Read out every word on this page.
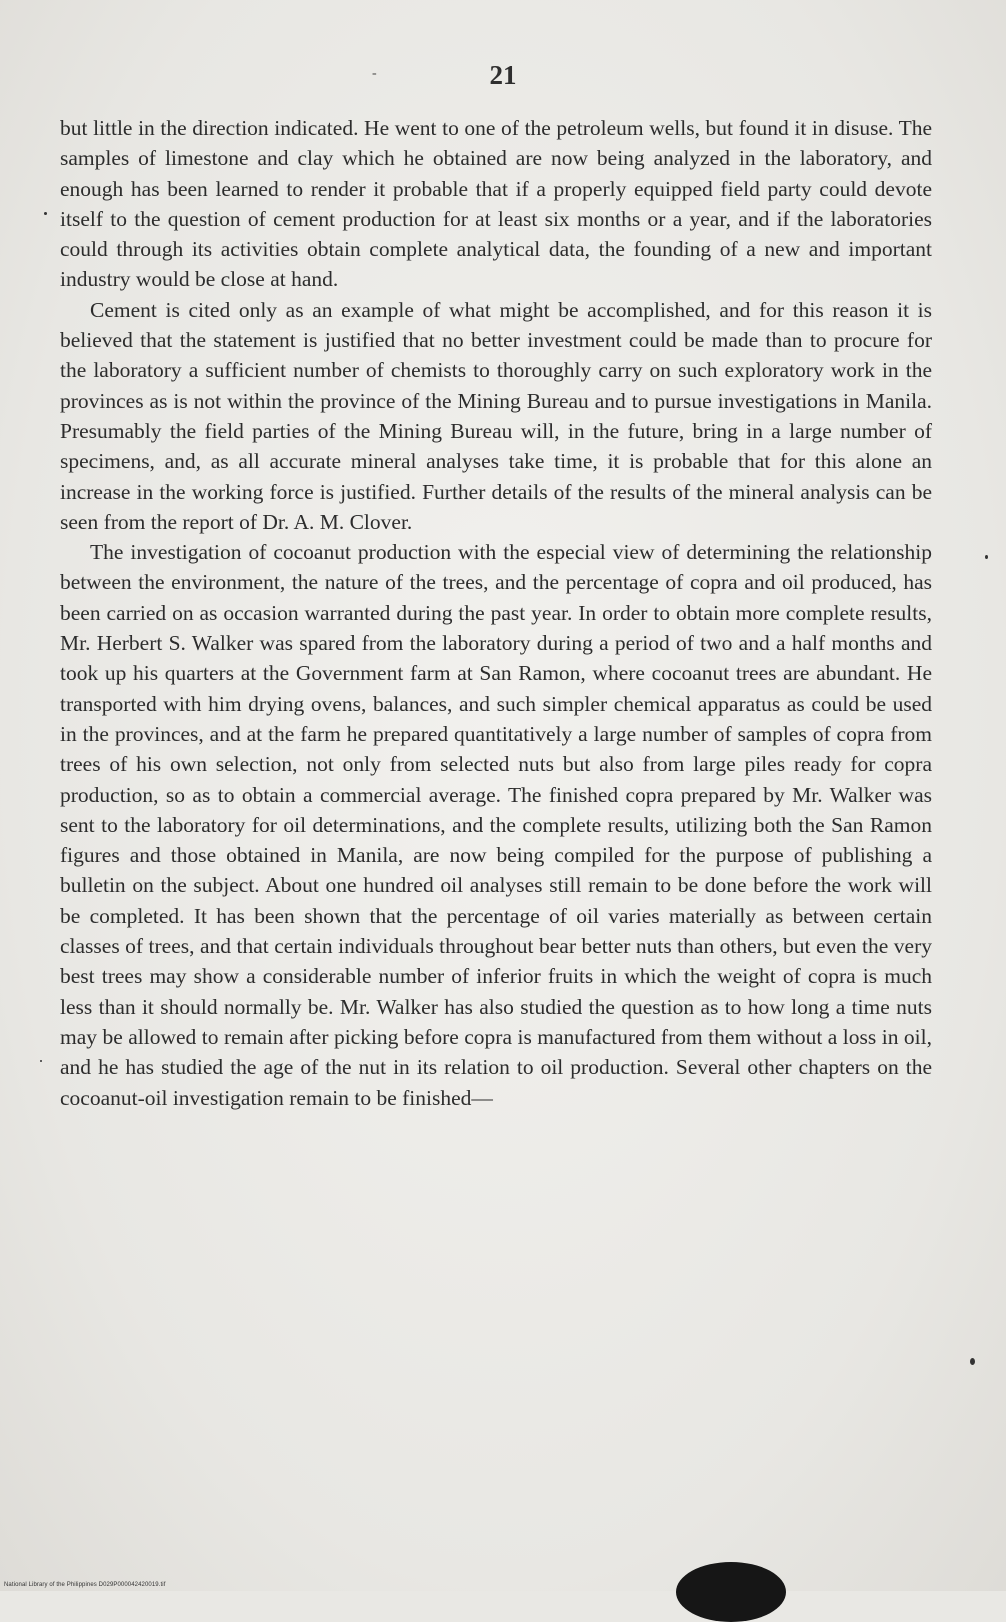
-	21

but little in the direction indicated. He went to one of the petroleum wells, but found it in disuse. The samples of limestone and clay which he obtained are now being analyzed in the laboratory, and enough has been learned to render it probable that if a properly equipped field party could devote itself to the question of cement production for at least six months or a year, and if the laboratories could through its activities obtain complete analytical data, the founding of a new and important industry would be close at hand.

Cement is cited only as an example of what might be accomplished, and for this reason it is believed that the statement is justified that no better investment could be made than to procure for the laboratory a sufficient number of chemists to thoroughly carry on such exploratory work in the provinces as is not within the province of the Mining Bureau and to pursue investigations in Manila. Presumably the field parties of the Mining Bureau will, in the future, bring in a large number of specimens, and, as all accurate mineral analyses take time, it is probable that for this alone an increase in the working force is justified. Further details of the results of the mineral analysis can be seen from the report of Dr. A. M. Clover.

The investigation of cocoanut production with the especial view of determining the relationship between the environment, the nature of the trees, and the percentage of copra and oil produced, has been carried on as occasion warranted during the past year. In order to obtain more complete results, Mr. Herbert S. Walker was spared from the laboratory during a period of two and a half months and took up his quarters at the Government farm at San Ramon, where cocoanut trees are abundant. He transported with him drying ovens, balances, and such simpler chemical apparatus as could be used in the provinces, and at the farm he prepared quantitatively a large number of samples of copra from trees of his own selection, not only from selected nuts but also from large piles ready for copra production, so as to obtain a commercial average. The finished copra prepared by Mr. Walker was sent to the laboratory for oil determinations, and the complete results, utilizing both the San Ramon figures and those obtained in Manila, are now being compiled for the purpose of publishing a bulletin on the subject. About one hundred oil analyses still remain to be done before the work will be completed. It has been shown that the percentage of oil varies materially as between certain classes of trees, and that certain individuals throughout bear better nuts than others, but even the very best trees may show a considerable number of inferior fruits in which the weight of copra is much less than it should normally be. Mr. Walker has also studied the question as to how long a time nuts may be allowed to remain after picking before copra is manufactured from them without a loss in oil, and he has studied the age of the nut in its relation to oil production. Several other chapters on the cocoanut-oil investigation remain to be finished—

National Library of the Philippines D029P000042420019.tif
